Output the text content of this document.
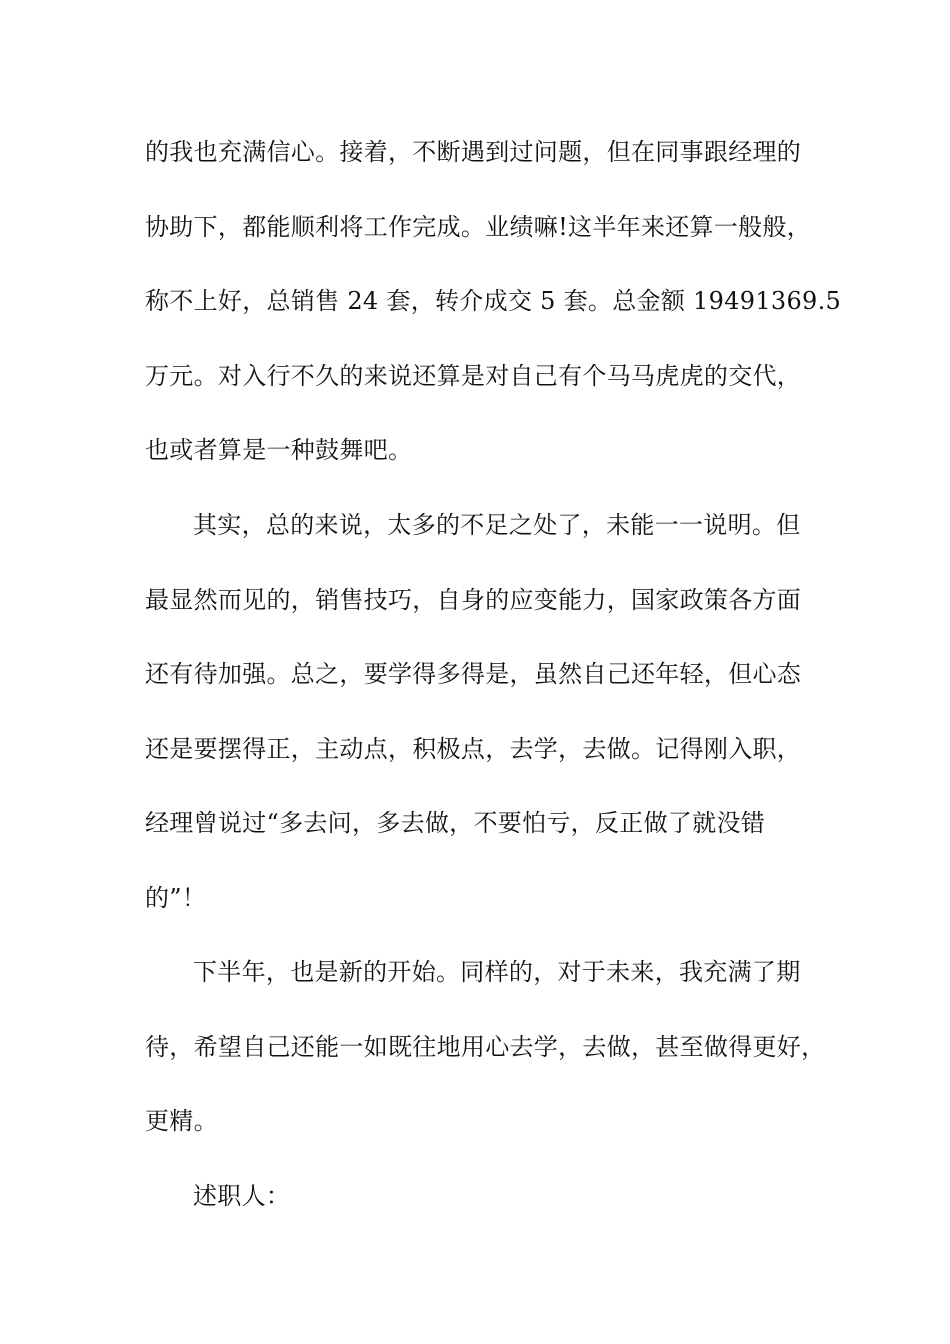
的我也充满信心。接着，不断遇到过问题，但在同事跟经理的
协助下，都能顺利将工作完成。业绩嘛!这半年来还算一般般，
称不上好，总销售 24 套，转介成交 5 套。总金额 19491369.5
万元。对入行不久的来说还算是对自己有个马马虎虎的交代，
也或者算是一种鼓舞吧。
其实，总的来说，太多的不足之处了，未能一一说明。但
最显然而见的，销售技巧，自身的应变能力，国家政策各方面
还有待加强。总之，要学得多得是，虽然自己还年轻，但心态
还是要摆得正，主动点，积极点，去学，去做。记得刚入职，
经理曾说过“多去问，多去做，不要怕亏，反正做了就没错
的”！
下半年，也是新的开始。同样的，对于未来，我充满了期
待，希望自己还能一如既往地用心去学，去做，甚至做得更好，
更精。
述职人：
